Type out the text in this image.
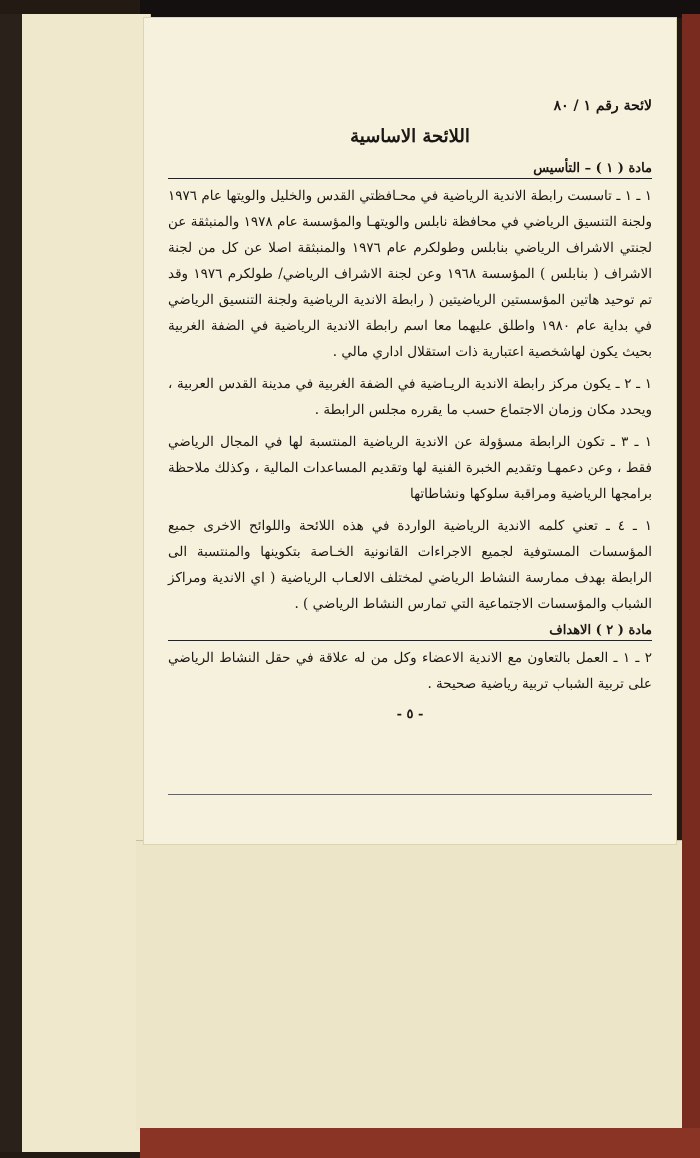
لائحة رقم ١ / ٨٠

اللائحة الاساسية
مادة ( ١ ) – التأسيس

١ ـ ١ ـ تاسست رابطة الاندية الرياضية في محـافظتي القدس والخليل والويتها عام ١٩٧٦ ولجنة التنسيق الرياضي في محافظة نابلس والويتهـا والمؤسسة عام ١٩٧٨ والمنبثقة عن لجنتي الاشراف الرياضي بنابلس وطولكرم عام ١٩٧٦ والمنبثقة اصلا عن كل من لجنة الاشراف ( بنابلس ) المؤسسة ١٩٦٨ وعن لجنة الاشراف الرياضي/ طولكرم ١٩٧٦ وقد تم توحيد هاتين المؤسستين الرياضيتين ( رابطة الاندية الرياضية ولجنة التنسيق الرياضي في بداية عام ١٩٨٠ واطلق عليهما معا اسم رابطة الاندية الرياضية في الضفة الغربية بحيث يكون لهاشخصية اعتبارية ذات استقلال اداري مالي .

١ ـ ٢ ـ يكون مركز رابطة الاندية الريـاضية في الضفة الغربية في مدينة القدس العربية ، ويحدد مكان وزمان الاجتماع حسب ما يقرره مجلس الرابطة .

١ ـ ٣ ـ تكون الرابطة مسؤولة عن الاندية الرياضية المنتسبة لها في المجال الرياضي فقط ، وعن دعمهـا وتقديم الخبرة الفنية لها وتقديم المساعدات المالية ، وكذلك ملاحظة برامجها الرياضية ومراقبة سلوكها ونشاطاتها

١ ـ ٤ ـ تعني كلمه الاندية الرياضية الواردة في هذه اللائحة واللوائح الاخرى جميع المؤسسات المستوفية لجميع الاجراءات القانونية الخـاصة بتكوينها والمنتسبة الى الرابطة بهدف ممارسة النشاط الرياضي لمختلف الالعـاب الرياضية ( اي الاندية ومراكز الشباب والمؤسسات الاجتماعية التي تمارس النشاط الرياضي ) .

مادة ( ٢ ) الاهداف

٢ ـ ١ ـ العمل بالتعاون مع الاندية الاعضاء وكل من له علاقة في حقل النشاط الرياضي على تربية الشباب تربية رياضية صحيحة .

- ٥ -
